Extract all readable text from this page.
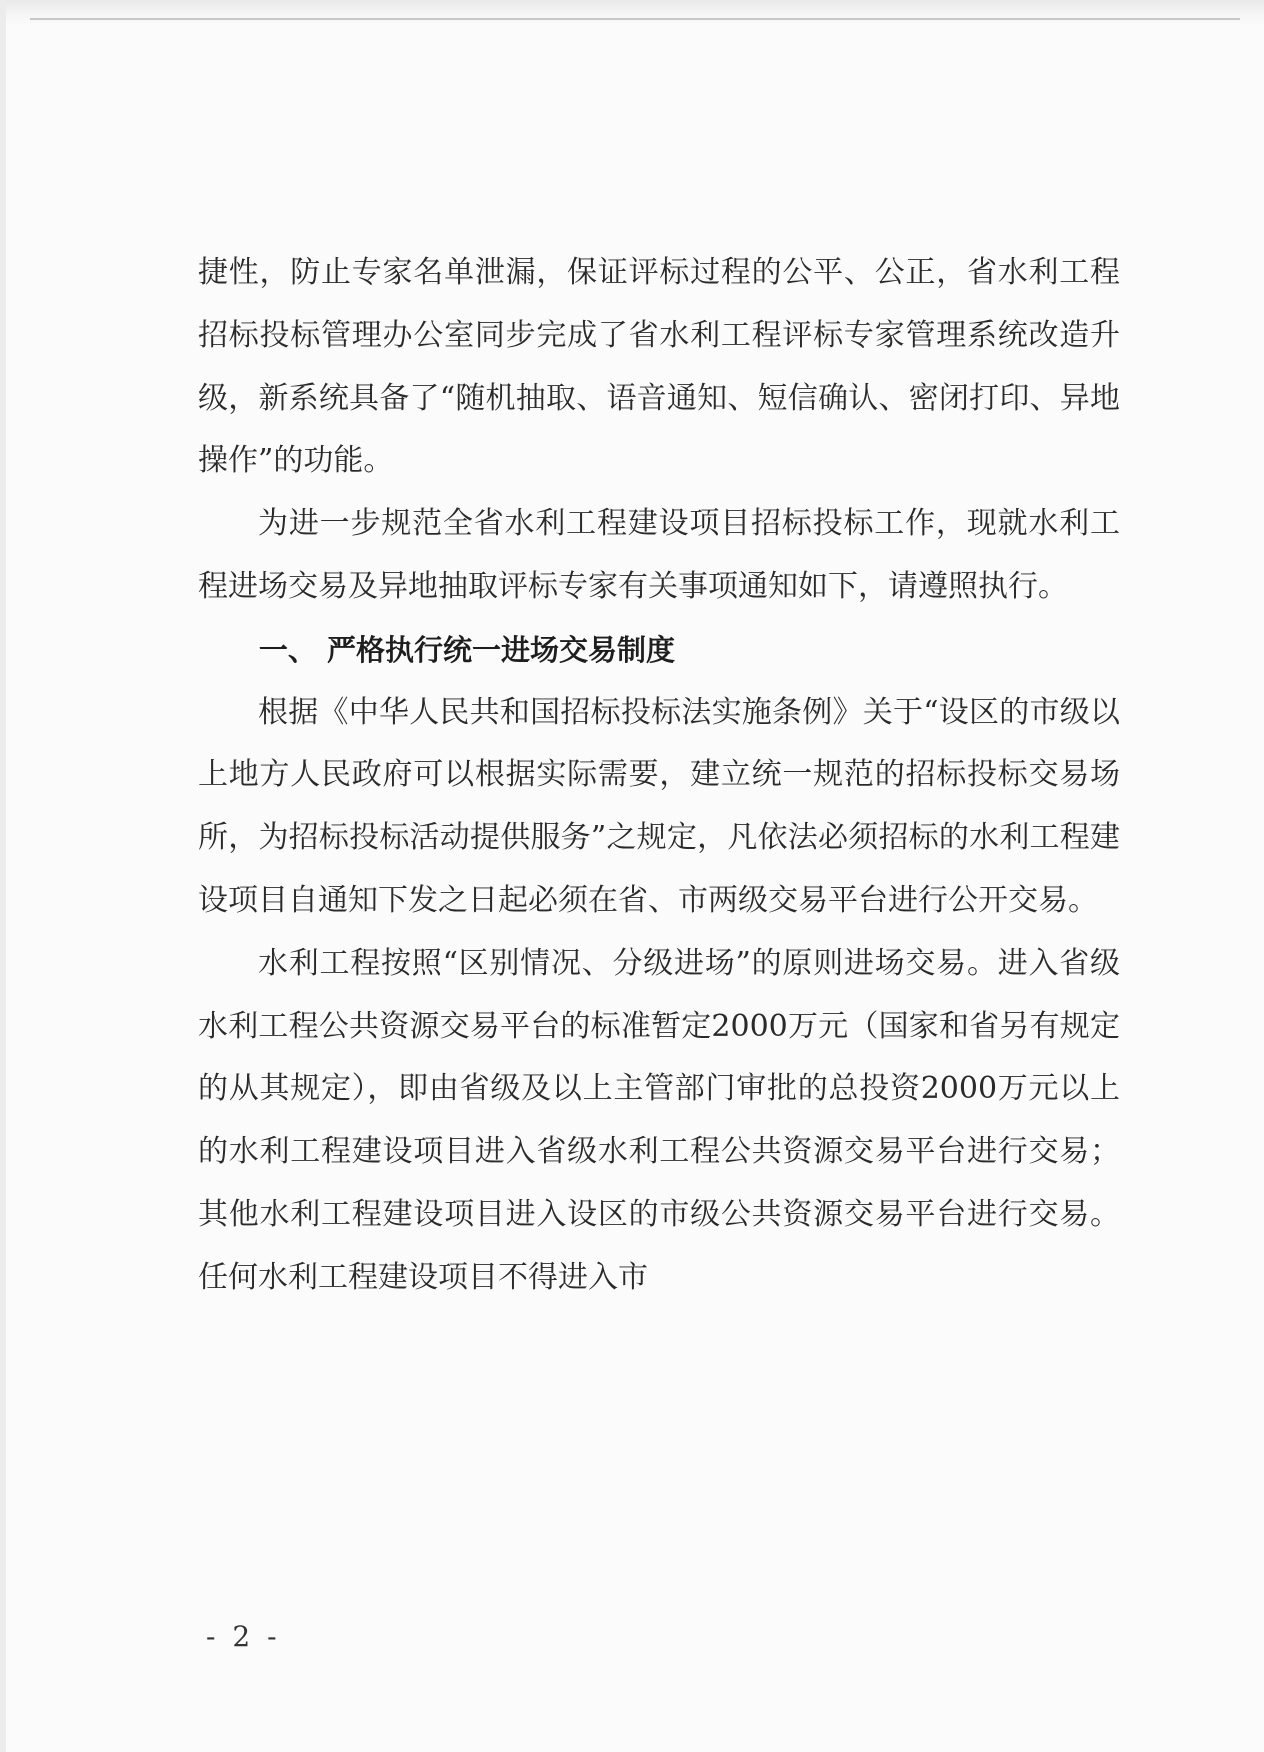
捷性，防止专家名单泄漏，保证评标过程的公平、公正，省水利工程招标投标管理办公室同步完成了省水利工程评标专家管理系统改造升级，新系统具备了“随机抽取、语音通知、短信确认、密闭打印、异地操作”的功能。

为进一步规范全省水利工程建设项目招标投标工作，现就水利工程进场交易及异地抽取评标专家有关事项通知如下，请遵照执行。

一、 严格执行统一进场交易制度

根据《中华人民共和国招标投标法实施条例》关于“设区的市级以上地方人民政府可以根据实际需要，建立统一规范的招标投标交易场所，为招标投标活动提供服务”之规定，凡依法必须招标的水利工程建设项目自通知下发之日起必须在省、市两级交易平台进行公开交易。

水利工程按照“区别情况、分级进场”的原则进场交易。进入省级水利工程公共资源交易平台的标准暂定2000万元（国家和省另有规定的从其规定），即由省级及以上主管部门审批的总投资2000万元以上的水利工程建设项目进入省级水利工程公共资源交易平台进行交易；其他水利工程建设项目进入设区的市级公共资源交易平台进行交易。任何水利工程建设项目不得进入市

- 2 -
